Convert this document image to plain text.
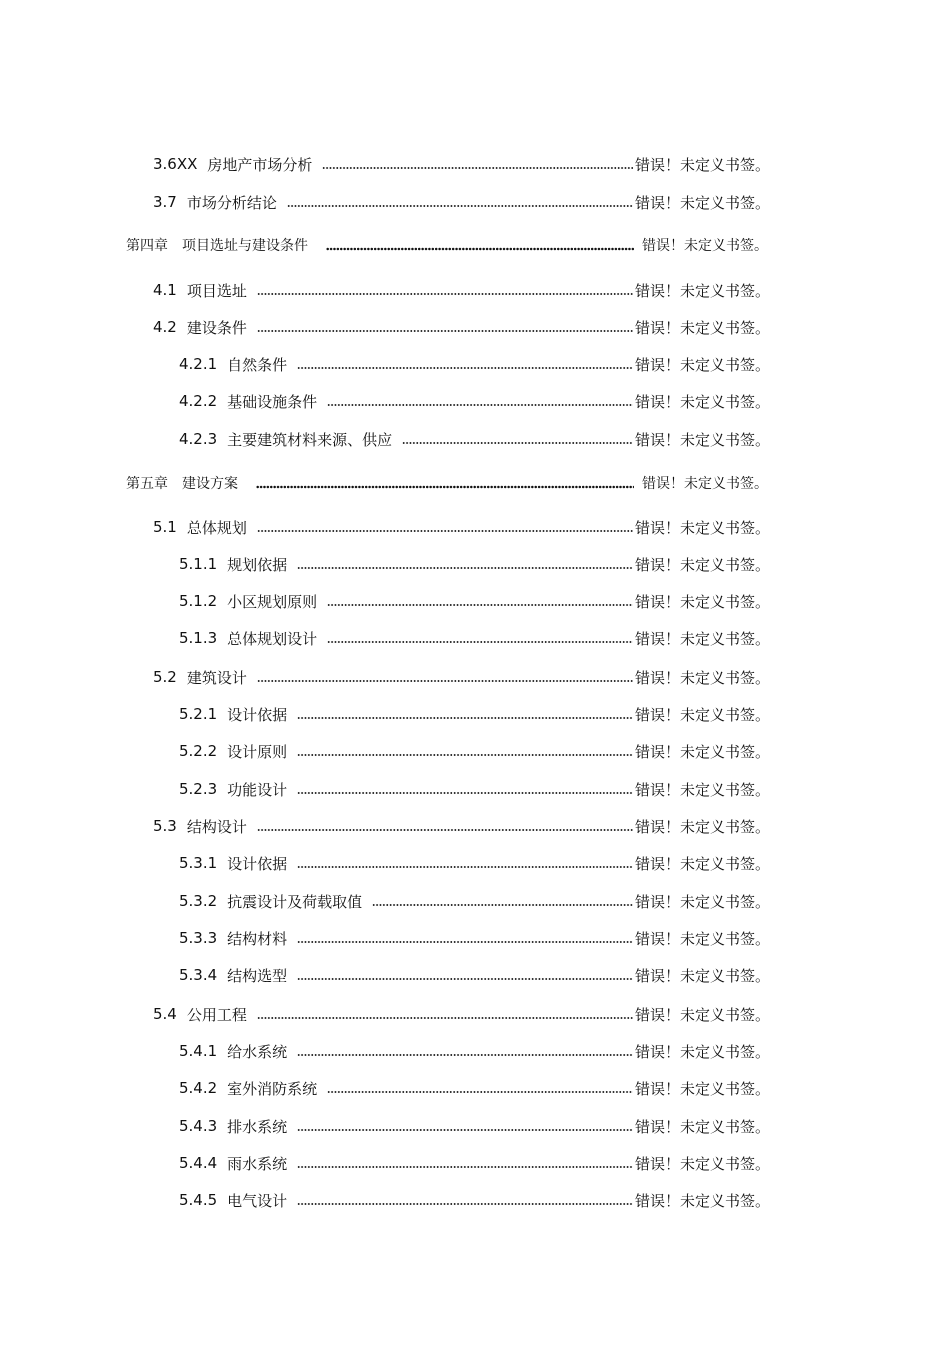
3.6XX 房地产市场分析	错误！未定义书签。
3.7 市场分析结论	错误！未定义书签。
第四章 项目选址与建设条件	错误！未定义书签。
4.1 项目选址	错误！未定义书签。
4.2 建设条件	错误！未定义书签。
4.2.1 自然条件	错误！未定义书签。
4.2.2 基础设施条件	错误！未定义书签。
4.2.3 主要建筑材料来源、供应	错误！未定义书签。
第五章 建设方案	错误！未定义书签。
5.1 总体规划	错误！未定义书签。
5.1.1 规划依据	错误！未定义书签。
5.1.2 小区规划原则	错误！未定义书签。
5.1.3 总体规划设计	错误！未定义书签。
5.2 建筑设计	错误！未定义书签。
5.2.1 设计依据	错误！未定义书签。
5.2.2 设计原则	错误！未定义书签。
5.2.3 功能设计	错误！未定义书签。
5.3 结构设计	错误！未定义书签。
5.3.1 设计依据	错误！未定义书签。
5.3.2 抗震设计及荷载取值	错误！未定义书签。
5.3.3 结构材料	错误！未定义书签。
5.3.4 结构选型	错误！未定义书签。
5.4 公用工程	错误！未定义书签。
5.4.1 给水系统	错误！未定义书签。
5.4.2 室外消防系统	错误！未定义书签。
5.4.3 排水系统	错误！未定义书签。
5.4.4 雨水系统	错误！未定义书签。
5.4.5 电气设计	错误！未定义书签。
